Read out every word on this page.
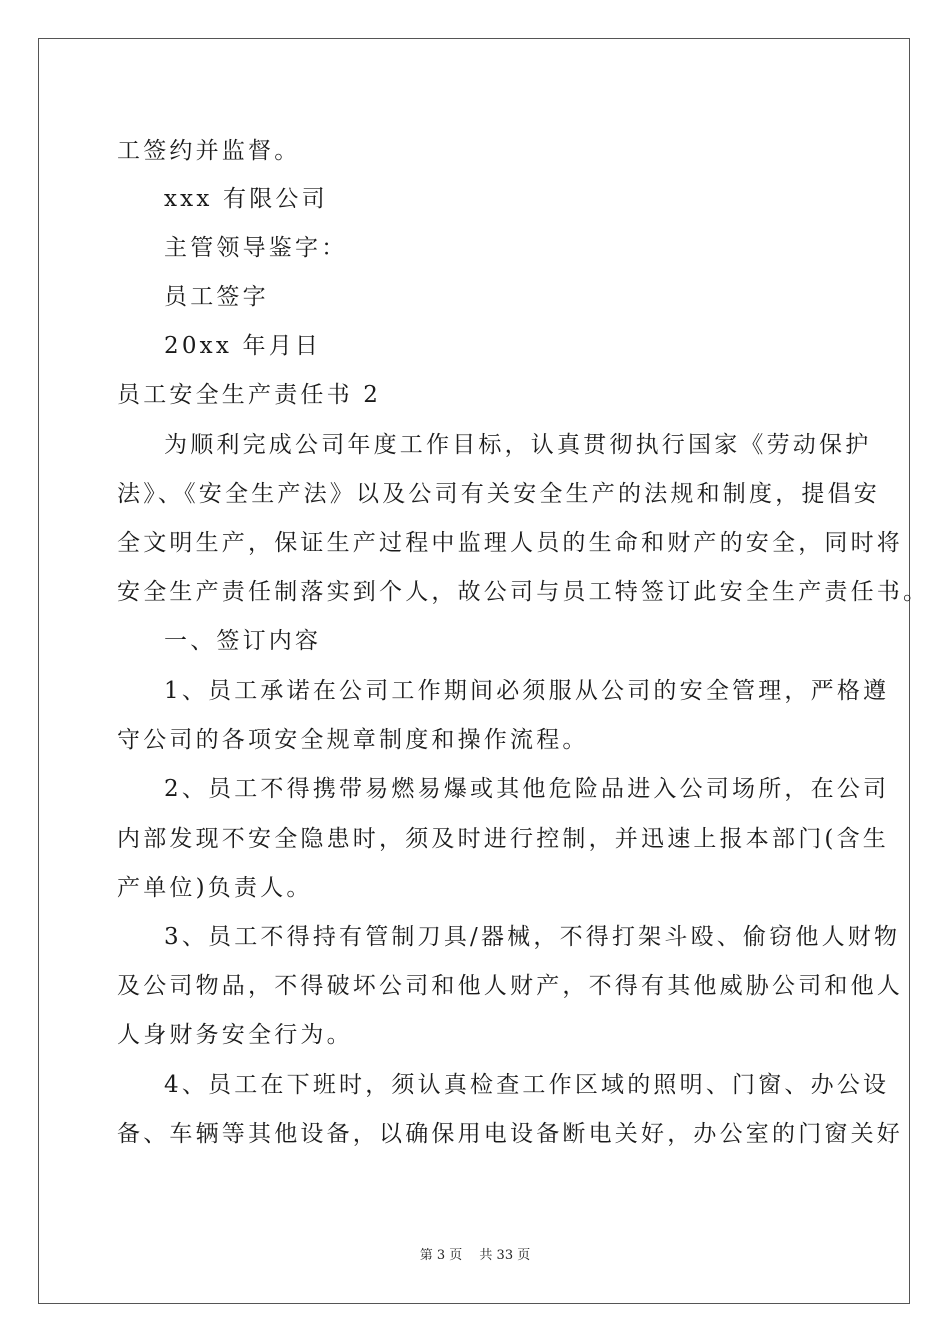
工签约并监督。
xxx 有限公司
主管领导鉴字：
员工签字
20xx 年月日
员工安全生产责任书 2
为顺利完成公司年度工作目标，认真贯彻执行国家《劳动保护
法》、《安全生产法》以及公司有关安全生产的法规和制度，提倡安
全文明生产，保证生产过程中监理人员的生命和财产的安全，同时将
安全生产责任制落实到个人，故公司与员工特签订此安全生产责任书。
一、签订内容
1、员工承诺在公司工作期间必须服从公司的安全管理，严格遵
守公司的各项安全规章制度和操作流程。
2、员工不得携带易燃易爆或其他危险品进入公司场所，在公司
内部发现不安全隐患时，须及时进行控制，并迅速上报本部门(含生
产单位)负责人。
3、员工不得持有管制刀具/器械，不得打架斗殴、偷窃他人财物
及公司物品，不得破坏公司和他人财产，不得有其他威胁公司和他人
人身财务安全行为。
4、员工在下班时，须认真检查工作区域的照明、门窗、办公设
备、车辆等其他设备，以确保用电设备断电关好，办公室的门窗关好
第 3 页　 共 33 页
